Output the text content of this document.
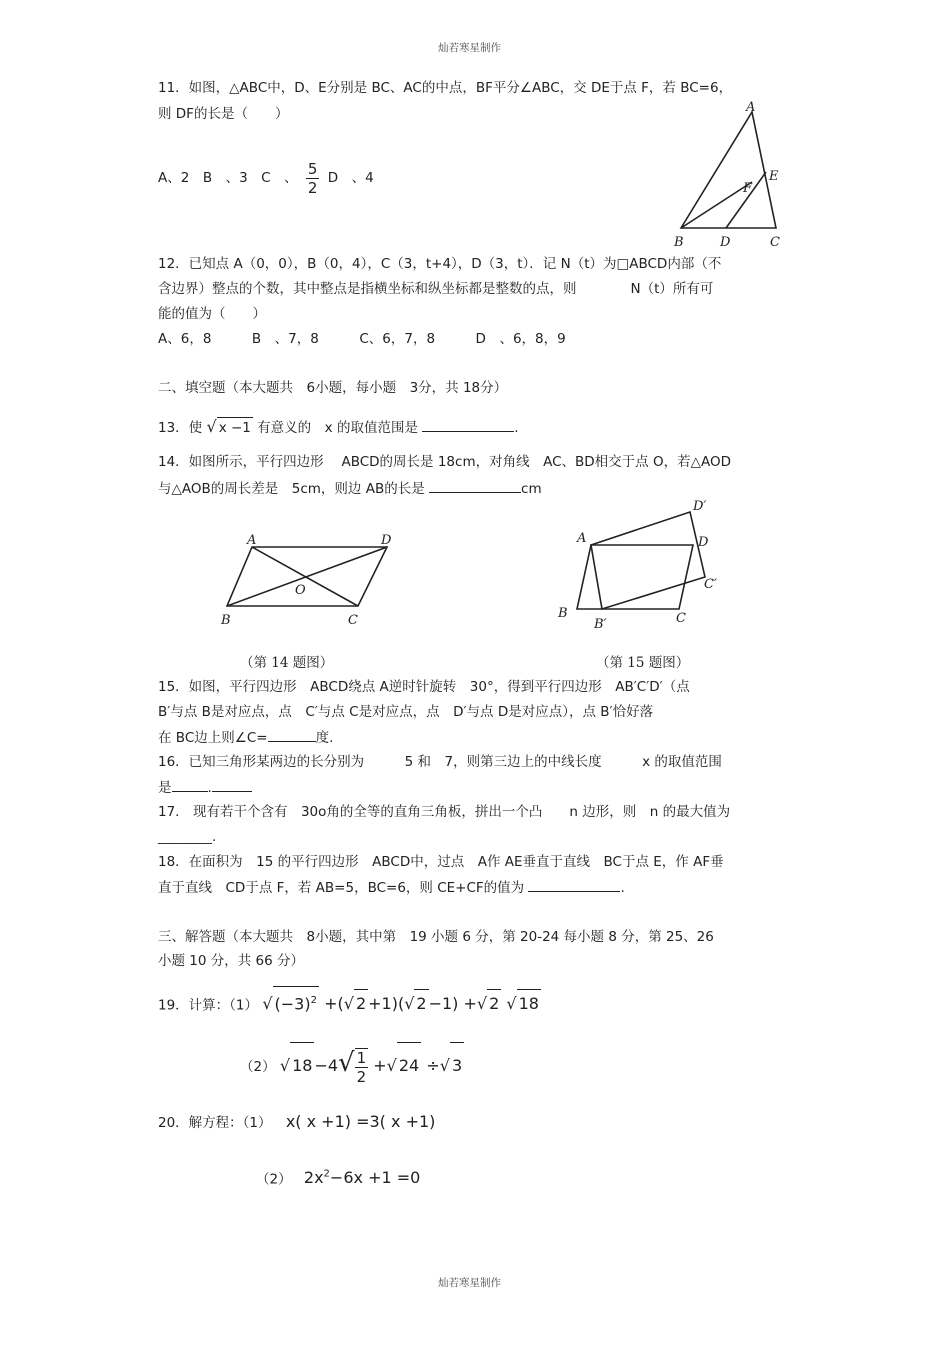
灿若寒星制作
灿若寒星制作
11．如图，△ABC中，D、E分别是 BC、AC的中点，BF平分∠ABC，交 DE于点 F，若 BC=6，
则 DF的长是（　　）
A、2　B　、3　C　、 $\frac{5}{2}$ D　、4
A
B	D	C
E
F
12．已知点 A（0，0），B（0，4），C（3，t+4），D（3，t）．记 N（t）为□ABCD内部（不
含边界）整点的个数，其中整点是指横坐标和纵坐标都是整数的点，则　　　　N（t）所有可
能的值为（　　）
A、6，8　　　B　、7，8　　　C、6，7，8　　　D　、6，8，9
二、填空题（本大题共　6小题，每小题　3分，共 18分）
13．使 √ x −1 有意义的　x 的取值范围是	.
14．如图所示，平行四边形　 ABCD的周长是 18cm，对角线　AC、BD相交于点 O，若△AOD
与△AOB的周长差是　5cm，则边 AB的长是	cm
A	D
B	C
O
A	D
D′
C′
B
B′	C
（第 14 题图）	（第 15 题图）
15．如图，平行四边形　ABCD绕点 A逆时针旋转　30°，得到平行四边形　AB′C′D′（点
B′与点 B是对应点，点　C′与点 C是对应点，点　D′与点 D是对应点），点 B′恰好落
在 BC边上则∠C=	度.
16．已知三角形某两边的长分别为　　　5 和　7，则第三边上的中线长度　　　x 的取值范围
是	.
17.　现有若干个含有　30o角的全等的直角三角板，拼出一个凸　　n 边形，则　n 的最大值为
________.
18．在面积为　15 的平行四边形　ABCD中，过点　A作 AE垂直于直线　BC于点 E，作 AF垂
直于直线　CD于点 F，若 AB=5，BC=6，则 CE+CF的值为	.
三、解答题（本大题共　8小题，其中第　19 小题 6 分，第 20-24 每小题 8 分，第 25、26
小题 10 分，共 66 分）
19．计算：（1） √ $(-3)^2$ +(√ 2 +1)(√ 2 −1) +√ 2 √ 18
（2） √ $18 -4√ \frac{1}{2}$ +√ 24 ÷√ 3
20．解方程：（1） x( x +1) =3( x +1)
（2） $2x^2-6x +1 =0$
